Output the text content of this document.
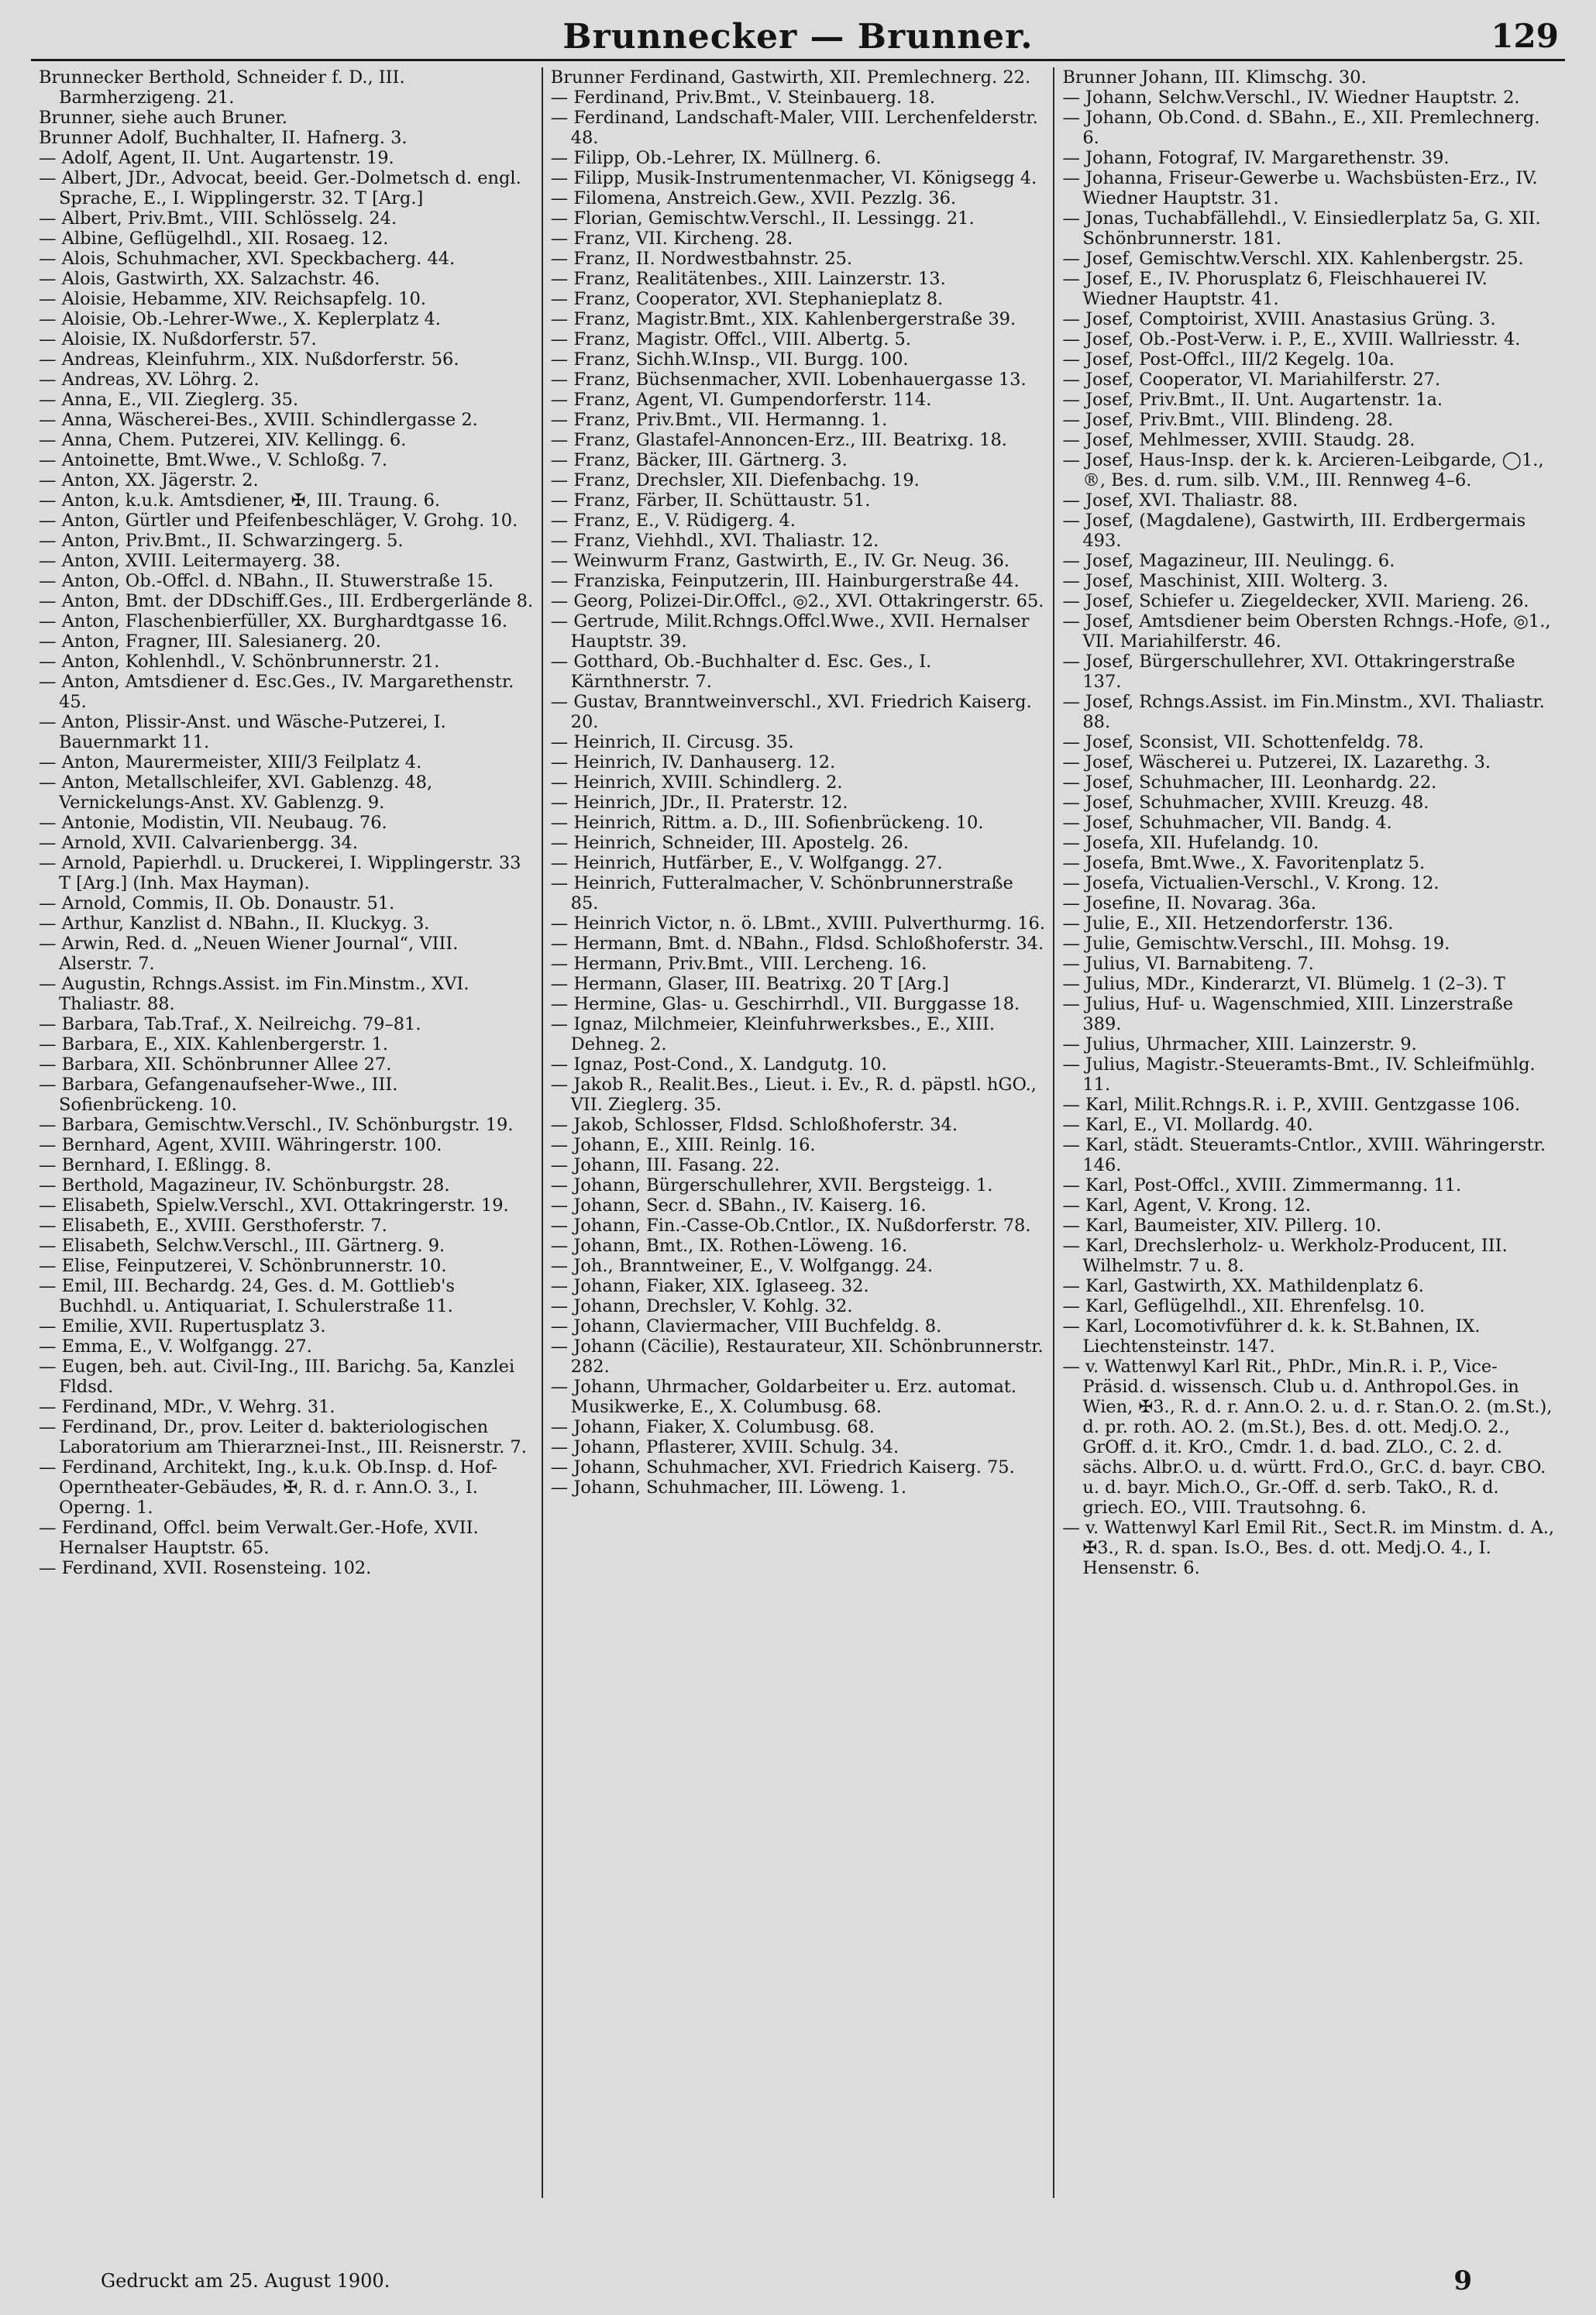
Brunnecker — Brunner.	129

Brunnecker Berthold, Schneider f. D., III. Barmherzigeng. 21.

Brunner, siehe auch Bruner.

Brunner Adolf, Buchhalter, II. Hafnerg. 3.

— Adolf, Agent, II. Unt. Augartenstr. 19.

— Albert, JDr., Advocat, beeid. Ger.-Dolmetsch d. engl. Sprache, E., I. Wipplingerstr. 32. T [Arg.]

— Albert, Priv.Bmt., VIII. Schlösselg. 24.

— Albine, Geflügelhdl., XII. Rosaeg. 12.

— Alois, Schuhmacher, XVI. Speckbacherg. 44.

— Alois, Gastwirth, XX. Salzachstr. 46.

— Aloisie, Hebamme, XIV. Reichsapfelg. 10.

— Aloisie, Ob.-Lehrer-Wwe., X. Keplerplatz 4.

— Aloisie, IX. Nußdorferstr. 57.

— Andreas, Kleinfuhrm., XIX. Nußdorferstr. 56.

— Andreas, XV. Löhrg. 2.

— Anna, E., VII. Zieglerg. 35.

— Anna, Wäscherei-Bes., XVIII. Schindlergasse 2.

— Anna, Chem. Putzerei, XIV. Kellingg. 6.

— Antoinette, Bmt.Wwe., V. Schloßg. 7.

— Anton, XX. Jägerstr. 2.

— Anton, k.u.k. Amtsdiener, ✠, III. Traung. 6.

— Anton, Gürtler und Pfeifenbeschläger, V. Grohg. 10.

— Anton, Priv.Bmt., II. Schwarzingerg. 5.

— Anton, XVIII. Leitermayerg. 38.

— Anton, Ob.-Offcl. d. NBahn., II. Stuwerstraße 15.

— Anton, Bmt. der DDschiff.Ges., III. Erdbergerlände 8.

— Anton, Flaschenbierfüller, XX. Burghardtgasse 16.

— Anton, Fragner, III. Salesianerg. 20.

— Anton, Kohlenhdl., V. Schönbrunnerstr. 21.

— Anton, Amtsdiener d. Esc.Ges., IV. Margarethenstr. 45.

— Anton, Plissir-Anst. und Wäsche-Putzerei, I. Bauernmarkt 11.

— Anton, Maurermeister, XIII/3 Feilplatz 4.

— Anton, Metallschleifer, XVI. Gablenzg. 48, Vernickelungs-Anst. XV. Gablenzg. 9.

— Antonie, Modistin, VII. Neubaug. 76.

— Arnold, XVII. Calvarienbergg. 34.

— Arnold, Papierhdl. u. Druckerei, I. Wipplingerstr. 33 T [Arg.] (Inh. Max Hayman).

— Arnold, Commis, II. Ob. Donaustr. 51.

— Arthur, Kanzlist d. NBahn., II. Kluckyg. 3.

— Arwin, Red. d. „Neuen Wiener Journal“, VIII. Alserstr. 7.

— Augustin, Rchngs.Assist. im Fin.Minstm., XVI. Thaliastr. 88.

— Barbara, Tab.Traf., X. Neilreichg. 79–81.

— Barbara, E., XIX. Kahlenbergerstr. 1.

— Barbara, XII. Schönbrunner Allee 27.

— Barbara, Gefangenaufseher-Wwe., III. Sofienbrückeng. 10.

— Barbara, Gemischtw.Verschl., IV. Schönburgstr. 19.

— Bernhard, Agent, XVIII. Währingerstr. 100.

— Bernhard, I. Eßlingg. 8.

— Berthold, Magazineur, IV. Schönburgstr. 28.

— Elisabeth, Spielw.Verschl., XVI. Ottakringerstr. 19.

— Elisabeth, E., XVIII. Gersthoferstr. 7.

— Elisabeth, Selchw.Verschl., III. Gärtnerg. 9.

— Elise, Feinputzerei, V. Schönbrunnerstr. 10.

— Emil, III. Bechardg. 24, Ges. d. M. Gottlieb's Buchhdl. u. Antiquariat, I. Schulerstraße 11.

— Emilie, XVII. Rupertusplatz 3.

— Emma, E., V. Wolfgangg. 27.

— Eugen, beh. aut. Civil-Ing., III. Barichg. 5a, Kanzlei Fldsd.

— Ferdinand, MDr., V. Wehrg. 31.

— Ferdinand, Dr., prov. Leiter d. bakteriologischen Laboratorium am Thierarznei-Inst., III. Reisnerstr. 7.

— Ferdinand, Architekt, Ing., k.u.k. Ob.Insp. d. Hof-Operntheater-Gebäudes, ✠, R. d. r. Ann.O. 3., I. Operng. 1.

— Ferdinand, Offcl. beim Verwalt.Ger.-Hofe, XVII. Hernalser Hauptstr. 65.

— Ferdinand, XVII. Rosensteing. 102.

Brunner Ferdinand, Gastwirth, XII. Premlechnerg. 22.

— Ferdinand, Priv.Bmt., V. Steinbauerg. 18.

— Ferdinand, Landschaft-Maler, VIII. Lerchenfelderstr. 48.

— Filipp, Ob.-Lehrer, IX. Müllnerg. 6.

— Filipp, Musik-Instrumentenmacher, VI. Königsegg 4.

— Filomena, Anstreich.Gew., XVII. Pezzlg. 36.

— Florian, Gemischtw.Verschl., II. Lessingg. 21.

— Franz, VII. Kircheng. 28.

— Franz, II. Nordwestbahnstr. 25.

— Franz, Realitätenbes., XIII. Lainzerstr. 13.

— Franz, Cooperator, XVI. Stephanieplatz 8.

— Franz, Magistr.Bmt., XIX. Kahlenbergerstraße 39.

— Franz, Magistr. Offcl., VIII. Albertg. 5.

— Franz, Sichh.W.Insp., VII. Burgg. 100.

— Franz, Büchsenmacher, XVII. Lobenhauergasse 13.

— Franz, Agent, VI. Gumpendorferstr. 114.

— Franz, Priv.Bmt., VII. Hermanng. 1.

— Franz, Glastafel-Annoncen-Erz., III. Beatrixg. 18.

— Franz, Bäcker, III. Gärtnerg. 3.

— Franz, Drechsler, XII. Diefenbachg. 19.

— Franz, Färber, II. Schüttaustr. 51.

— Franz, E., V. Rüdigerg. 4.

— Franz, Viehhdl., XVI. Thaliastr. 12.

— Weinwurm Franz, Gastwirth, E., IV. Gr. Neug. 36.

— Franziska, Feinputzerin, III. Hainburgerstraße 44.

— Georg, Polizei-Dir.Offcl., ◎2., XVI. Ottakringerstr. 65.

— Gertrude, Milit.Rchngs.Offcl.Wwe., XVII. Hernalser Hauptstr. 39.

— Gotthard, Ob.-Buchhalter d. Esc. Ges., I. Kärnthnerstr. 7.

— Gustav, Branntweinverschl., XVI. Friedrich Kaiserg. 20.

— Heinrich, II. Circusg. 35.

— Heinrich, IV. Danhauserg. 12.

— Heinrich, XVIII. Schindlerg. 2.

— Heinrich, JDr., II. Praterstr. 12.

— Heinrich, Rittm. a. D., III. Sofienbrückeng. 10.

— Heinrich, Schneider, III. Apostelg. 26.

— Heinrich, Hutfärber, E., V. Wolfgangg. 27.

— Heinrich, Futteralmacher, V. Schönbrunnerstraße 85.

— Heinrich Victor, n. ö. LBmt., XVIII. Pulverthurmg. 16.

— Hermann, Bmt. d. NBahn., Fldsd. Schloßhoferstr. 34.

— Hermann, Priv.Bmt., VIII. Lercheng. 16.

— Hermann, Glaser, III. Beatrixg. 20 T [Arg.]

— Hermine, Glas- u. Geschirrhdl., VII. Burggasse 18.

— Ignaz, Milchmeier, Kleinfuhrwerksbes., E., XIII. Dehneg. 2.

— Ignaz, Post-Cond., X. Landgutg. 10.

— Jakob R., Realit.Bes., Lieut. i. Ev., R. d. päpstl. hGO., VII. Zieglerg. 35.

— Jakob, Schlosser, Fldsd. Schloßhoferstr. 34.

— Johann, E., XIII. Reinlg. 16.

— Johann, III. Fasang. 22.

— Johann, Bürgerschullehrer, XVII. Bergsteigg. 1.

— Johann, Secr. d. SBahn., IV. Kaiserg. 16.

— Johann, Fin.-Casse-Ob.Cntlor., IX. Nußdorferstr. 78.

— Johann, Bmt., IX. Rothen-Löweng. 16.

— Joh., Branntweiner, E., V. Wolfgangg. 24.

— Johann, Fiaker, XIX. Iglaseeg. 32.

— Johann, Drechsler, V. Kohlg. 32.

— Johann, Claviermacher, VIII Buchfeldg. 8.

— Johann (Cäcilie), Restaurateur, XII. Schönbrunnerstr. 282.

— Johann, Uhrmacher, Goldarbeiter u. Erz. automat. Musikwerke, E., X. Columbusg. 68.

— Johann, Fiaker, X. Columbusg. 68.

— Johann, Pflasterer, XVIII. Schulg. 34.

— Johann, Schuhmacher, XVI. Friedrich Kaiserg. 75.

— Johann, Schuhmacher, III. Löweng. 1.

Brunner Johann, III. Klimschg. 30.

— Johann, Selchw.Verschl., IV. Wiedner Hauptstr. 2.

— Johann, Ob.Cond. d. SBahn., E., XII. Premlechnerg. 6.

— Johann, Fotograf, IV. Margarethenstr. 39.

— Johanna, Friseur-Gewerbe u. Wachsbüsten-Erz., IV. Wiedner Hauptstr. 31.

— Jonas, Tuchabfällehdl., V. Einsiedlerplatz 5a, G. XII. Schönbrunnerstr. 181.

— Josef, Gemischtw.Verschl. XIX. Kahlenbergstr. 25.

— Josef, E., IV. Phorusplatz 6, Fleischhauerei IV. Wiedner Hauptstr. 41.

— Josef, Comptoirist, XVIII. Anastasius Grüng. 3.

— Josef, Ob.-Post-Verw. i. P., E., XVIII. Wallriesstr. 4.

— Josef, Post-Offcl., III/2 Kegelg. 10a.

— Josef, Cooperator, VI. Mariahilferstr. 27.

— Josef, Priv.Bmt., II. Unt. Augartenstr. 1a.

— Josef, Priv.Bmt., VIII. Blindeng. 28.

— Josef, Mehlmesser, XVIII. Staudg. 28.

— Josef, Haus-Insp. der k. k. Arcieren-Leibgarde, ◯1., ®, Bes. d. rum. silb. V.M., III. Rennweg 4–6.

— Josef, XVI. Thaliastr. 88.

— Josef, (Magdalene), Gastwirth, III. Erdbergermais 493.

— Josef, Magazineur, III. Neulingg. 6.

— Josef, Maschinist, XIII. Wolterg. 3.

— Josef, Schiefer u. Ziegeldecker, XVII. Marieng. 26.

— Josef, Amtsdiener beim Obersten Rchngs.-Hofe, ◎1., VII. Mariahilferstr. 46.

— Josef, Bürgerschullehrer, XVI. Ottakringerstraße 137.

— Josef, Rchngs.Assist. im Fin.Minstm., XVI. Thaliastr. 88.

— Josef, Sconsist, VII. Schottenfeldg. 78.

— Josef, Wäscherei u. Putzerei, IX. Lazarethg. 3.

— Josef, Schuhmacher, III. Leonhardg. 22.

— Josef, Schuhmacher, XVIII. Kreuzg. 48.

— Josef, Schuhmacher, VII. Bandg. 4.

— Josefa, XII. Hufelandg. 10.

— Josefa, Bmt.Wwe., X. Favoritenplatz 5.

— Josefa, Victualien-Verschl., V. Krong. 12.

— Josefine, II. Novarag. 36a.

— Julie, E., XII. Hetzendorferstr. 136.

— Julie, Gemischtw.Verschl., III. Mohsg. 19.

— Julius, VI. Barnabiteng. 7.

— Julius, MDr., Kinderarzt, VI. Blümelg. 1 (2–3). T

— Julius, Huf- u. Wagenschmied, XIII. Linzerstraße 389.

— Julius, Uhrmacher, XIII. Lainzerstr. 9.

— Julius, Magistr.-Steueramts-Bmt., IV. Schleifmühlg. 11.

— Karl, Milit.Rchngs.R. i. P., XVIII. Gentzgasse 106.

— Karl, E., VI. Mollardg. 40.

— Karl, städt. Steueramts-Cntlor., XVIII. Währingerstr. 146.

— Karl, Post-Offcl., XVIII. Zimmermanng. 11.

— Karl, Agent, V. Krong. 12.

— Karl, Baumeister, XIV. Pillerg. 10.

— Karl, Drechslerholz- u. Werkholz-Producent, III. Wilhelmstr. 7 u. 8.

— Karl, Gastwirth, XX. Mathildenplatz 6.

— Karl, Geflügelhdl., XII. Ehrenfelsg. 10.

— Karl, Locomotivführer d. k. k. St.Bahnen, IX. Liechtensteinstr. 147.

— v. Wattenwyl Karl Rit., PhDr., Min.R. i. P., Vice-Präsid. d. wissensch. Club u. d. Anthropol.Ges. in Wien, ✠3., R. d. r. Ann.O. 2. u. d. r. Stan.O. 2. (m.St.), d. pr. roth. AO. 2. (m.St.), Bes. d. ott. Medj.O. 2., GrOff. d. it. KrO., Cmdr. 1. d. bad. ZLO., C. 2. d. sächs. Albr.O. u. d. württ. Frd.O., Gr.C. d. bayr. CBO. u. d. bayr. Mich.O., Gr.-Off. d. serb. TakO., R. d. griech. EO., VIII. Trautsohng. 6.

— v. Wattenwyl Karl Emil Rit., Sect.R. im Minstm. d. A., ✠3., R. d. span. Is.O., Bes. d. ott. Medj.O. 4., I. Hensenstr. 6.

Gedruckt am 25. August 1900.	9
